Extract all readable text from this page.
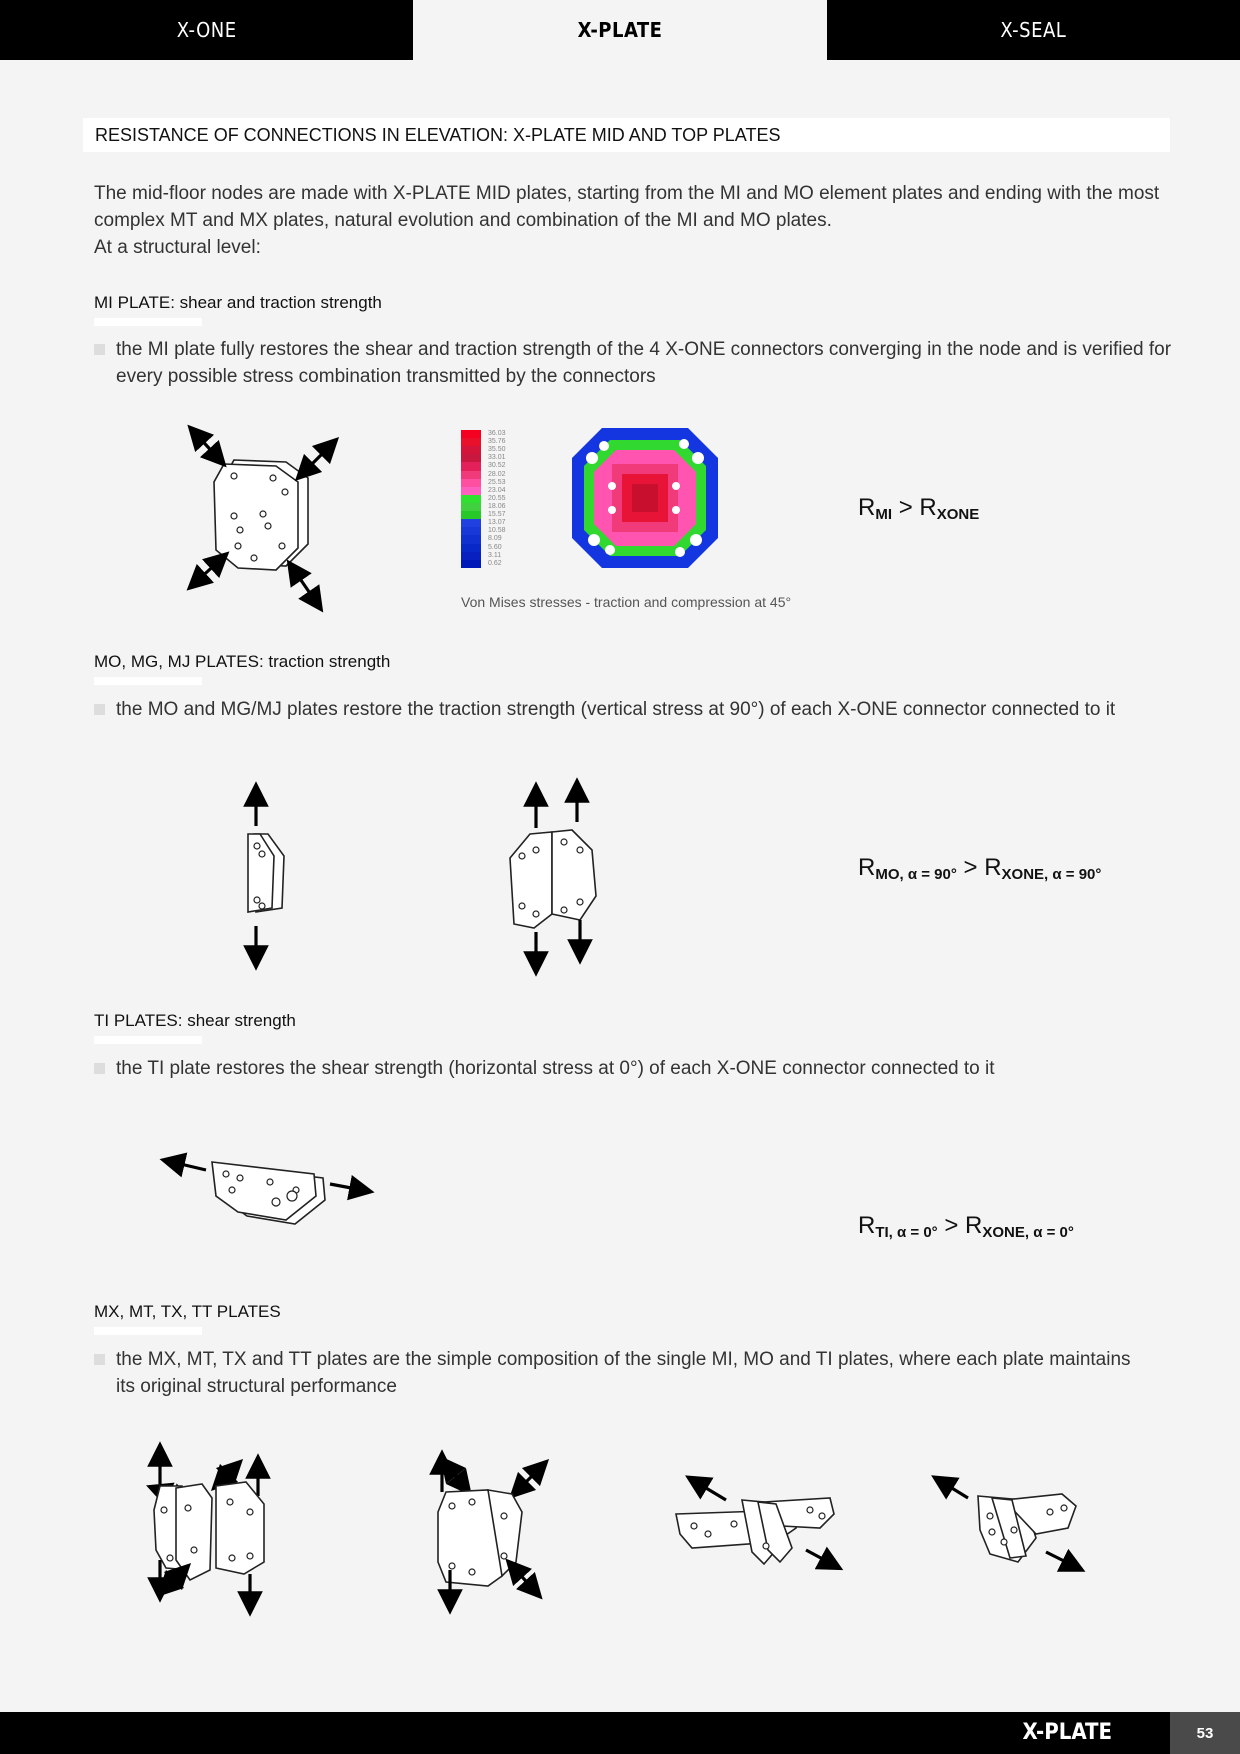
X-ONE	X-PLATE	X-SEAL
RESISTANCE OF CONNECTIONS IN ELEVATION: X-PLATE MID AND TOP PLATES
The mid-floor nodes are made with X-PLATE MID plates, starting from the MI and MO element plates and ending with the most
complex MT and MX plates, natural evolution and combination of the MI and MO plates.
At a structural level:
MI PLATE: shear and traction strength
the MI plate fully restores the shear and traction strength of the 4 X-ONE connectors converging in the node and is verified for
every possible stress combination transmitted by the connectors
36.03
35.76
35.50
33.01
30.52
28.02
25.53
23.04
20.55
18.06
15.57
13.07
10.58
8.09
5.60
3.11
0.62
Von Mises stresses - traction and compression at 45°
$R_{MI} > R_{XONE}$
MO, MG, MJ PLATES: traction strength
the MO and MG/MJ plates restore the traction strength (vertical stress at 90°) of each X-ONE connector connected to it
$R_{MO, \alpha = 90^\circ} > R_{XONE, \alpha = 90^\circ}$
TI PLATES: shear strength
the TI plate restores the shear strength (horizontal stress at 0°) of each X-ONE connector connected to it
$R_{TI, \alpha = 0^\circ} > R_{XONE, \alpha = 0^\circ}$
MX, MT, TX, TT PLATES
the MX, MT, TX and TT plates are the simple composition of the single MI, MO and TI plates, where each plate maintains
its original structural performance
X-PLATE	53
